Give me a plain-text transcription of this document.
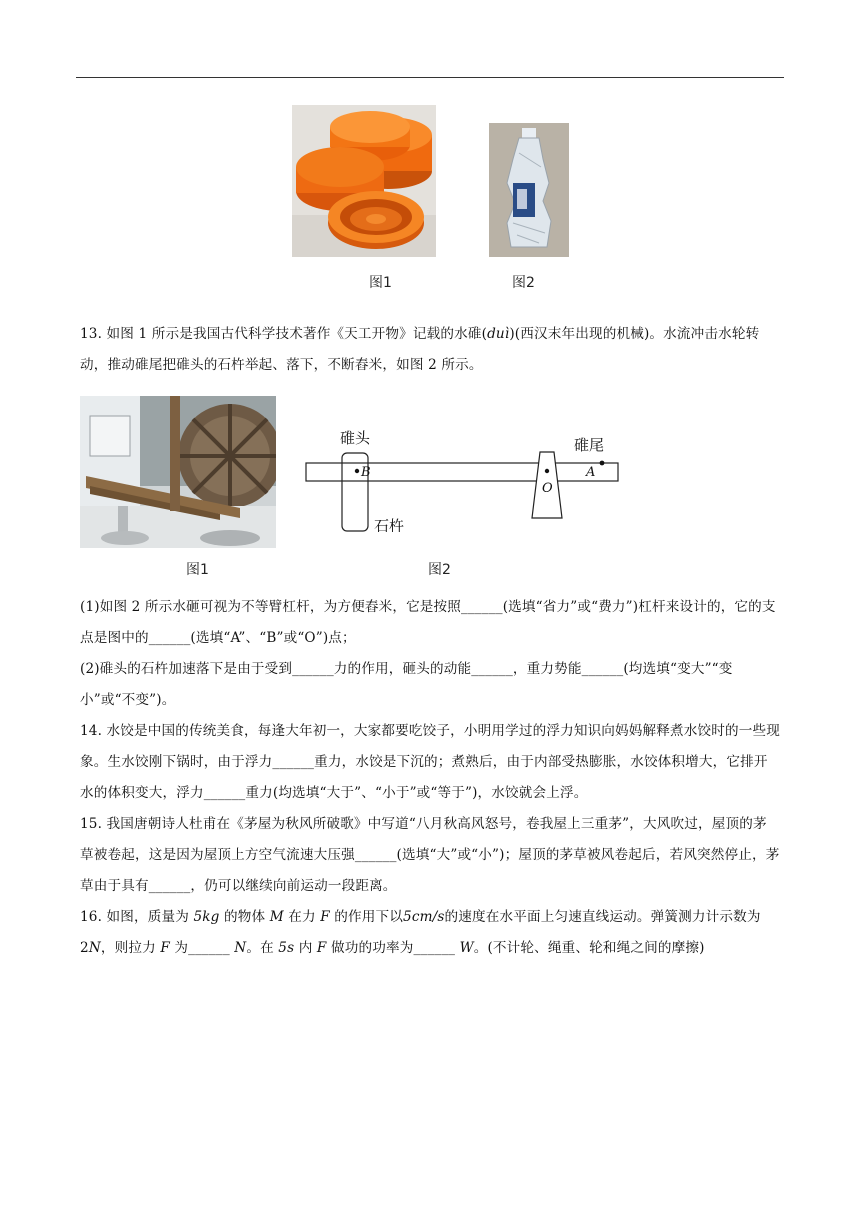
图1	图2

13. 如图 1 所示是我国古代科学技术著作《天工开物》记载的水碓(duì)(西汉末年出现的机械)。水流冲击水轮转动，推动碓尾把碓头的石杵举起、落下，不断舂米，如图 2 所示。

碓头	碓尾
石杵
B	A
O
图1	图2

(1)如图 2 所示水砸可视为不等臂杠杆，为方便舂米，它是按照______(选填“省力”或“费力”)杠杆来设计的，它的支点是图中的______(选填“A”、“B”或“O”)点；

(2)碓头的石杵加速落下是由于受到______力的作用，砸头的动能______，重力势能______(均选填“变大”“变小”或“不变”)。

14. 水饺是中国的传统美食，每逢大年初一，大家都要吃饺子，小明用学过的浮力知识向妈妈解释煮水饺时的一些现象。生水饺刚下锅时，由于浮力______重力，水饺是下沉的；煮熟后，由于内部受热膨胀，水饺体积增大，它排开水的体积变大，浮力______重力(均选填“大于”、“小于”或“等于”)，水饺就会上浮。

15. 我国唐朝诗人杜甫在《茅屋为秋风所破歌》中写道“八月秋高风怒号，卷我屋上三重茅”，大风吹过，屋顶的茅草被卷起，这是因为屋顶上方空气流速大压强______(选填“大”或“小”)；屋顶的茅草被风卷起后，若风突然停止，茅草由于具有______，仍可以继续向前运动一段距离。

16. 如图，质量为 5kg 的物体 M 在力 F 的作用下以5cm/s的速度在水平面上匀速直线运动。弹簧测力计示数为 2N，则拉力 F 为______ N。在 5s 内 F 做功的功率为______ W。(不计轮、绳重、轮和绳之间的摩擦)
